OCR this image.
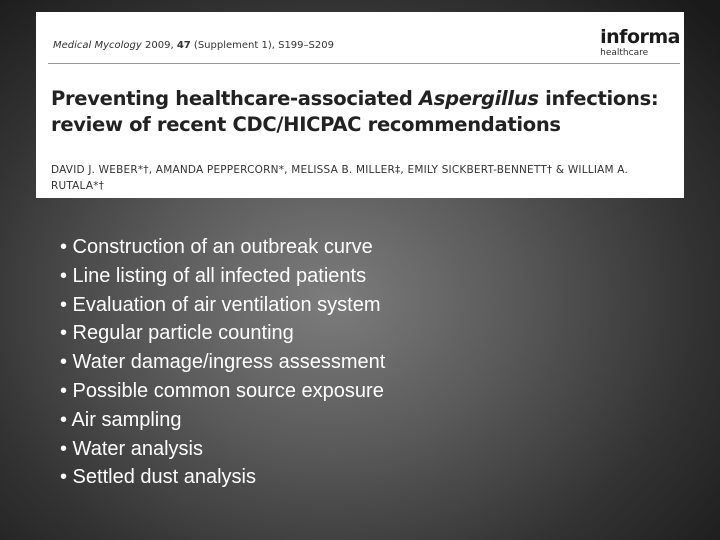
Medical Mycology 2009, 47 (Supplement 1), S199–S209	informa
healthcare
Preventing healthcare-associated Aspergillus infections: review of recent CDC/HICPAC recommendations
DAVID J. WEBER*†, AMANDA PEPPERCORN*, MELISSA B. MILLER‡, EMILY SICKBERT-BENNETT† & WILLIAM A. RUTALA*†
• Construction of an outbreak curve
• Line listing of all infected patients
• Evaluation of air ventilation system
• Regular particle counting
• Water damage/ingress assessment
• Possible common source exposure
• Air sampling
• Water analysis
• Settled dust analysis
